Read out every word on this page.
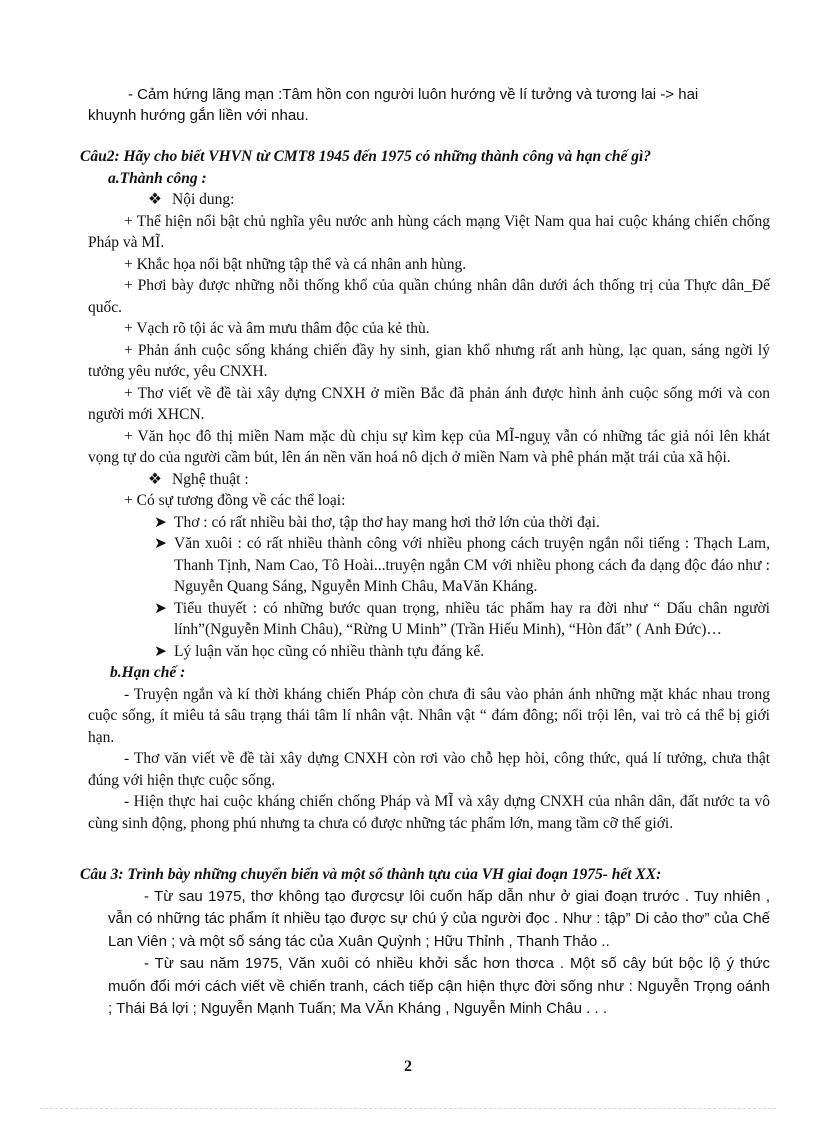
- Cảm hứng lãng mạn :Tâm hồn con người luôn hướng về lí tưởng và tương lai -> hai
khuynh hướng gắn liền với nhau.

Câu2: Hãy cho biết VHVN từ CMT8 1945 đến 1975 có những thành công và hạn chế gì?

a.Thành công :

❖ Nội dung:

+ Thể hiện nổi bật chủ nghĩa yêu nước anh hùng cách mạng Việt Nam qua hai cuộc kháng chiến chống Pháp và MĨ.

+ Khắc họa nổi bật những tập thể và cá nhân anh hùng.

+ Phơi bày được những nỗi thống khổ của quần chúng nhân dân dưới ách thống trị của Thực dân_Đế quốc.

+ Vạch rõ tội ác và âm mưu thâm độc của kẻ thù.

+ Phản ánh cuộc sống kháng chiến đầy hy sinh, gian khổ nhưng rất anh hùng, lạc quan, sáng ngời lý tưởng yêu nước, yêu CNXH.

+ Thơ viết về đề tài xây dựng CNXH ở miền Bắc đã phản ánh được hình ảnh cuộc sống mới và con người mới XHCN.

+ Văn học đô thị miền Nam mặc dù chịu sự kìm kẹp của MĨ-nguỵ vẫn có những tác giả nói lên khát vọng tự do của người cầm bút, lên án nền văn hoá nô dịch ở miền Nam và phê phán mặt trái của xã hội.

❖ Nghệ thuật :

+ Có sự tương đồng về các thể loại:

➤ Thơ : có rất nhiều bài thơ, tập thơ hay mang hơi thở lớn của thời đại.

➤ Văn xuôi : có rất nhiều thành công với nhiều phong cách truyện ngắn nổi tiếng : Thạch Lam, Thanh Tịnh, Nam Cao, Tô Hoài...truyện ngắn CM với nhiều phong cách đa dạng độc đáo như : Nguyễn Quang Sáng, Nguyễn Minh Châu, MaVăn Kháng.

➤ Tiểu thuyết : có những bước quan trọng, nhiều tác phẩm hay ra đời như “ Dấu chân người lính”(Nguyễn Minh Châu), “Rừng U Minh” (Trần Hiếu Minh), “Hòn đất” ( Anh Đức)…

➤ Lý luận văn học cũng có nhiều thành tựu đáng kể.

b.Hạn chế :

- Truyện ngắn và kí thời kháng chiến Pháp còn chưa đi sâu vào phản ánh những mặt khác nhau trong cuộc sống, ít miêu tả sâu trạng thái tâm lí nhân vật. Nhân vật “ đám đông; nổi trội lên, vai trò cá thể bị giới hạn.

- Thơ văn viết về đề tài xây dựng CNXH còn rơi vào chỗ hẹp hòi, công thức, quá lí tưởng, chưa thật đúng với hiện thực cuộc sống.

- Hiện thực hai cuộc kháng chiến chống Pháp và MĨ và xây dựng CNXH của nhân dân, đất nước ta vô cùng sinh động, phong phú nhưng ta chưa có được những tác phẩm lớn, mang tầm cỡ thế giới.

Câu 3: Trình bày những chuyển biến và một số thành tựu của VH giai đoạn 1975- hết XX:

- Từ sau 1975, thơ không tạo đượcsự lôi cuốn hấp dẫn như ở giai đoạn trước . Tuy nhiên , vẫn có những tác phẩm ít nhiều tạo được sự chú ý của người đọc . Như : tập” Di cảo thơ” của Chế Lan Viên ; và một số sáng tác của Xuân Quỳnh ; Hữu Thỉnh , Thanh Thảo ..

- Từ sau năm 1975, Văn xuôi có nhiều khởi sắc hơn thơca . Một số cây bút bộc lộ ý thức muốn đổi mới cách viết về chiến tranh, cách tiếp cận hiện thực đời sống như : Nguyễn Trọng oánh ; Thái Bá lợi ; Nguyễn Mạnh Tuấn; Ma VĂn Kháng , Nguyễn Minh Châu . . .

2
